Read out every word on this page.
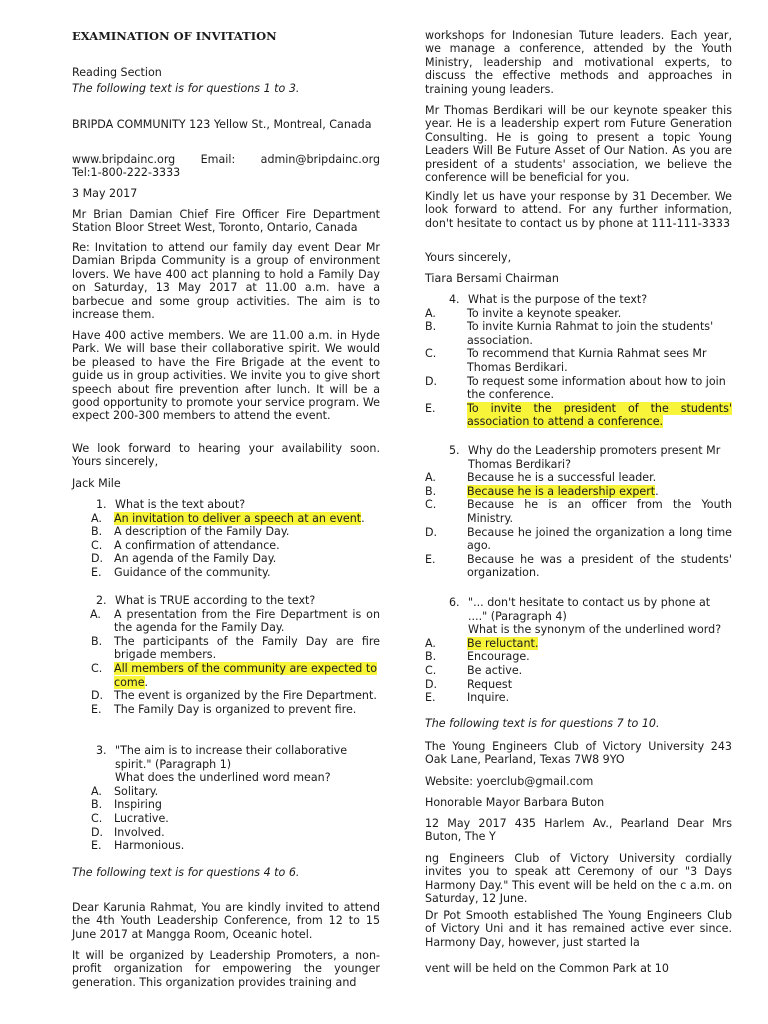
EXAMINATION OF INVITATION
Reading Section
The following text is for questions 1 to 3.
BRIPDA COMMUNITY 123 Yellow St., Montreal, Canada
www.bripdainc.org Email: admin@bripdainc.org Tel:1-800-222-3333
3 May 2017
Mr Brian Damian Chief Fire Officer Fire Department Station Bloor Street West, Toronto, Ontario, Canada
Re: Invitation to attend our family day event Dear Mr Damian Bripda Community is a group of environment lovers. We have 400 act planning to hold a Family Day on Saturday, 13 May 2017 at 11.00 a.m. have a barbecue and some group activities. The aim is to increase them.
Have 400 active members. We are 11.00 a.m. in Hyde Park. We will base their collaborative spirit. We would be pleased to have the Fire Brigade at the event to guide us in group activities. We invite you to give short speech about fire prevention after lunch. It will be a good opportunity to promote your service program. We expect 200-300 members to attend the event.
We look forward to hearing your availability soon. Yours sincerely,
Jack Mile
1. What is the text about?
A. An invitation to deliver a speech at an event.
B. A description of the Family Day.
C. A confirmation of attendance.
D. An agenda of the Family Day.
E. Guidance of the community.
2. What is TRUE according to the text?
A. A presentation from the Fire Department is on the agenda for the Family Day.
B. The participants of the Family Day are fire brigade members.
C. All members of the community are expected to come.
D. The event is organized by the Fire Department.
E. The Family Day is organized to prevent fire.
3. "The aim is to increase their collaborative spirit." (Paragraph 1)
What does the underlined word mean?
A. Solitary.
B. Inspiring
C. Lucrative.
D. Involved.
E. Harmonious.
The following text is for questions 4 to 6.
Dear Karunia Rahmat, You are kindly invited to attend the 4th Youth Leadership Conference, from 12 to 15 June 2017 at Mangga Room, Oceanic hotel.
It will be organized by Leadership Promoters, a non-profit organization for empowering the younger generation. This organization provides training and
workshops for Indonesian Tuture leaders. Each year, we manage a conference, attended by the Youth Ministry, leadership and motivational experts, to discuss the effective methods and approaches in training young leaders.
Mr Thomas Berdikari will be our keynote speaker this year. He is a leadership expert rom Future Generation Consulting. He is going to present a topic Young Leaders Will Be Future Asset of Our Nation. As you are president of a students' association, we believe the conference will be beneficial for you.
Kindly let us have your response by 31 December. We look forward to attend. For any further information, don't hesitate to contact us by phone at 111-111-3333
Yours sincerely,
Tiara Bersami Chairman
4. What is the purpose of the text?
A.	To invite a keynote speaker.
B.	To invite Kurnia Rahmat to join the students' association.
C.	To recommend that Kurnia Rahmat sees Mr Thomas Berdikari.
D.	To request some information about how to join the conference.
E.	To invite the president of the students' association to attend a conference.
5. Why do the Leadership promoters present Mr Thomas Berdikari?
A.	Because he is a successful leader.
B.	Because he is a leadership expert.
C.	Because he is an officer from the Youth Ministry.
D.	Because he joined the organization a long time ago.
E.	Because he was a president of the students' organization.
6. "... don't hesitate to contact us by phone at ...." (Paragraph 4)
What is the synonym of the underlined word?
A.	Be reluctant.
B.	Encourage.
C.	Be active.
D.	Request
E.	Inquire.
The following text is for questions 7 to 10.
The Young Engineers Club of Victory University 243 Oak Lane, Pearland, Texas 7W8 9YO
Website: yoerclub@gmail.com
Honorable Mayor Barbara Buton
12 May 2017 435 Harlem Av., Pearland Dear Mrs Buton, The Y
ng Engineers Club of Victory University cordially invites you to speak att Ceremony of our "3 Days Harmony Day." This event will be held on the c a.m. on Saturday, 12 June.
Dr Pot Smooth established The Young Engineers Club of Victory Uni and it has remained active ever since. Harmony Day, however, just started la
vent will be held on the Common Park at 10
